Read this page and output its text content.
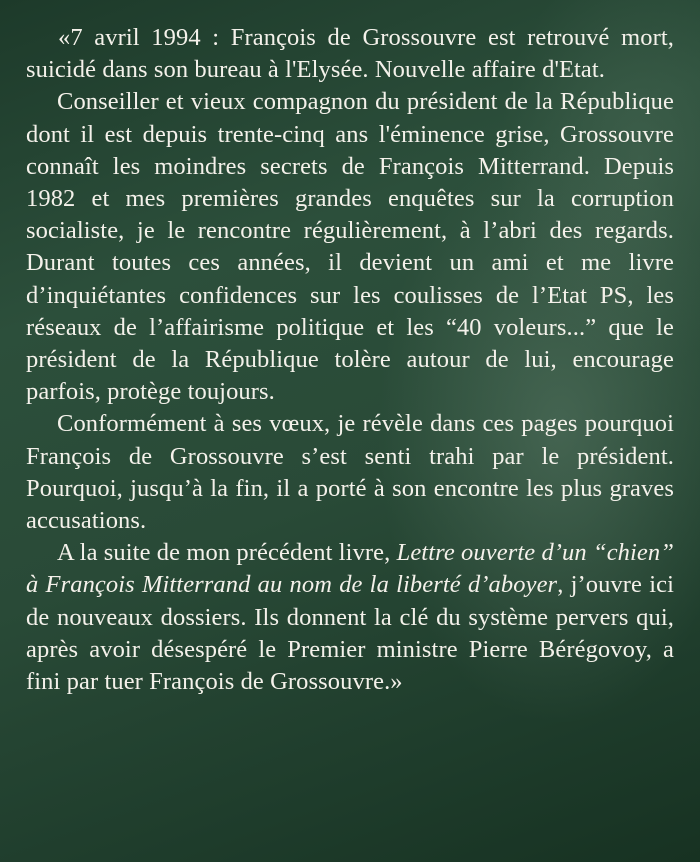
«7 avril 1994 : François de Grossouvre est retrouvé mort, suicidé dans son bureau à l'Elysée. Nouvelle affaire d'Etat.

Conseiller et vieux compagnon du président de la République dont il est depuis trente-cinq ans l'éminence grise, Grossouvre connaît les moindres secrets de François Mitterrand. Depuis 1982 et mes premières grandes enquêtes sur la corruption socialiste, je le rencontre régulièrement, à l’abri des regards. Durant toutes ces années, il devient un ami et me livre d’inquiétantes confidences sur les coulisses de l’Etat PS, les réseaux de l’affairisme politique et les “40 voleurs...” que le président de la République tolère autour de lui, encourage parfois, protège toujours.

Conformément à ses vœux, je révèle dans ces pages pourquoi François de Grossouvre s’est senti trahi par le président. Pourquoi, jusqu’à la fin, il a porté à son encontre les plus graves accusations.

A la suite de mon précédent livre, Lettre ouverte d’un “chien” à François Mitterrand au nom de la liberté d’aboyer, j’ouvre ici de nouveaux dossiers. Ils donnent la clé du système pervers qui, après avoir désespéré le Premier ministre Pierre Bérégovoy, a fini par tuer François de Grossouvre.»
